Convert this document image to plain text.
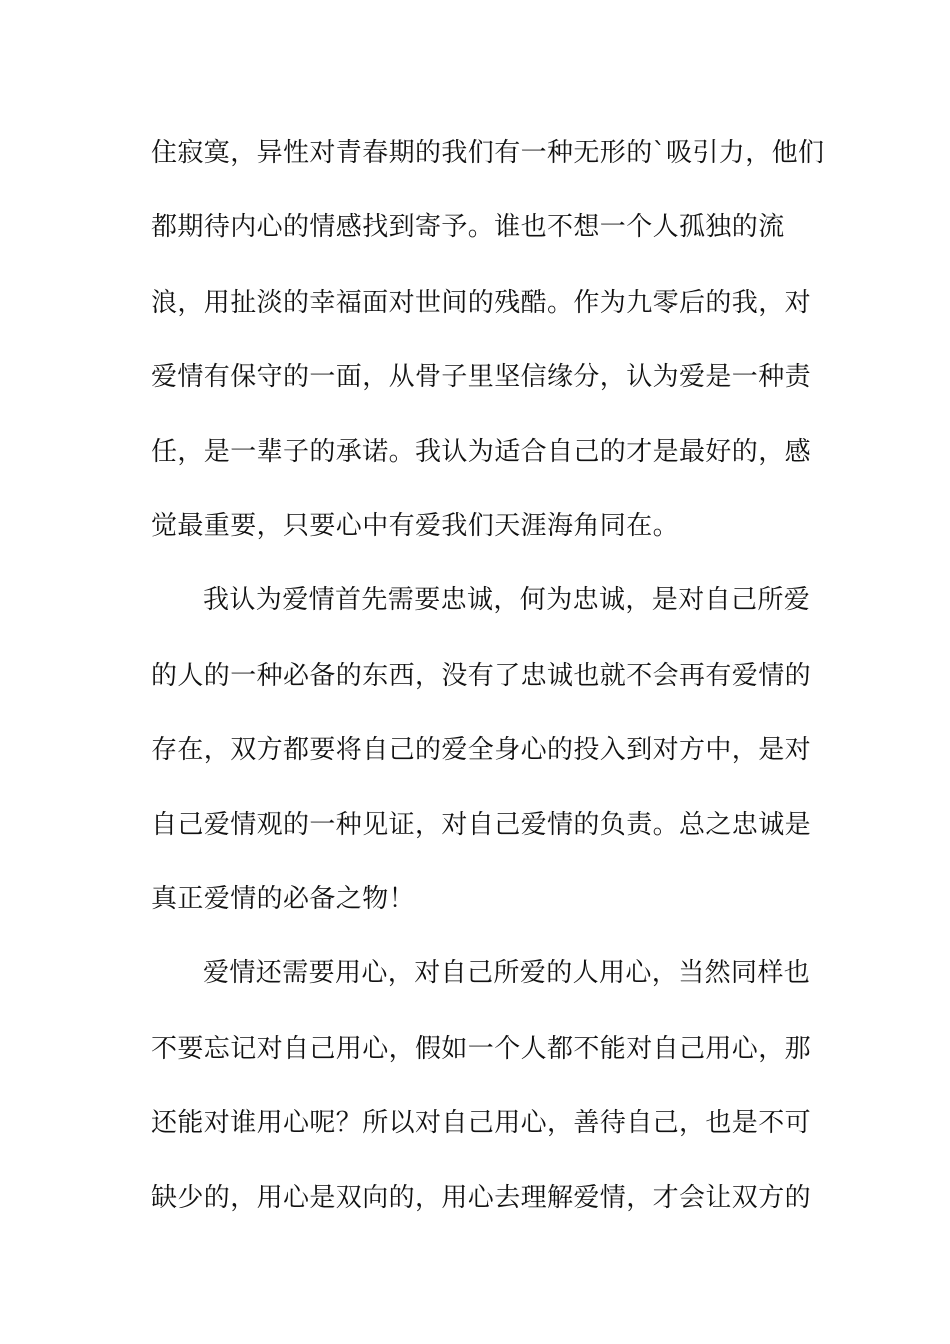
住寂寞，异性对青春期的我们有一种无形的`吸引力，他们
都期待内心的情感找到寄予。谁也不想一个人孤独的流
浪，用扯淡的幸福面对世间的残酷。作为九零后的我，对
爱情有保守的一面，从骨子里坚信缘分，认为爱是一种责
任，是一辈子的承诺。我认为适合自己的才是最好的，感
觉最重要，只要心中有爱我们天涯海角同在。
我认为爱情首先需要忠诚，何为忠诚，是对自己所爱
的人的一种必备的东西，没有了忠诚也就不会再有爱情的
存在，双方都要将自己的爱全身心的投入到对方中，是对
自己爱情观的一种见证，对自己爱情的负责。总之忠诚是
真正爱情的必备之物！
爱情还需要用心，对自己所爱的人用心，当然同样也
不要忘记对自己用心，假如一个人都不能对自己用心，那
还能对谁用心呢？所以对自己用心，善待自己，也是不可
缺少的，用心是双向的，用心去理解爱情，才会让双方的
